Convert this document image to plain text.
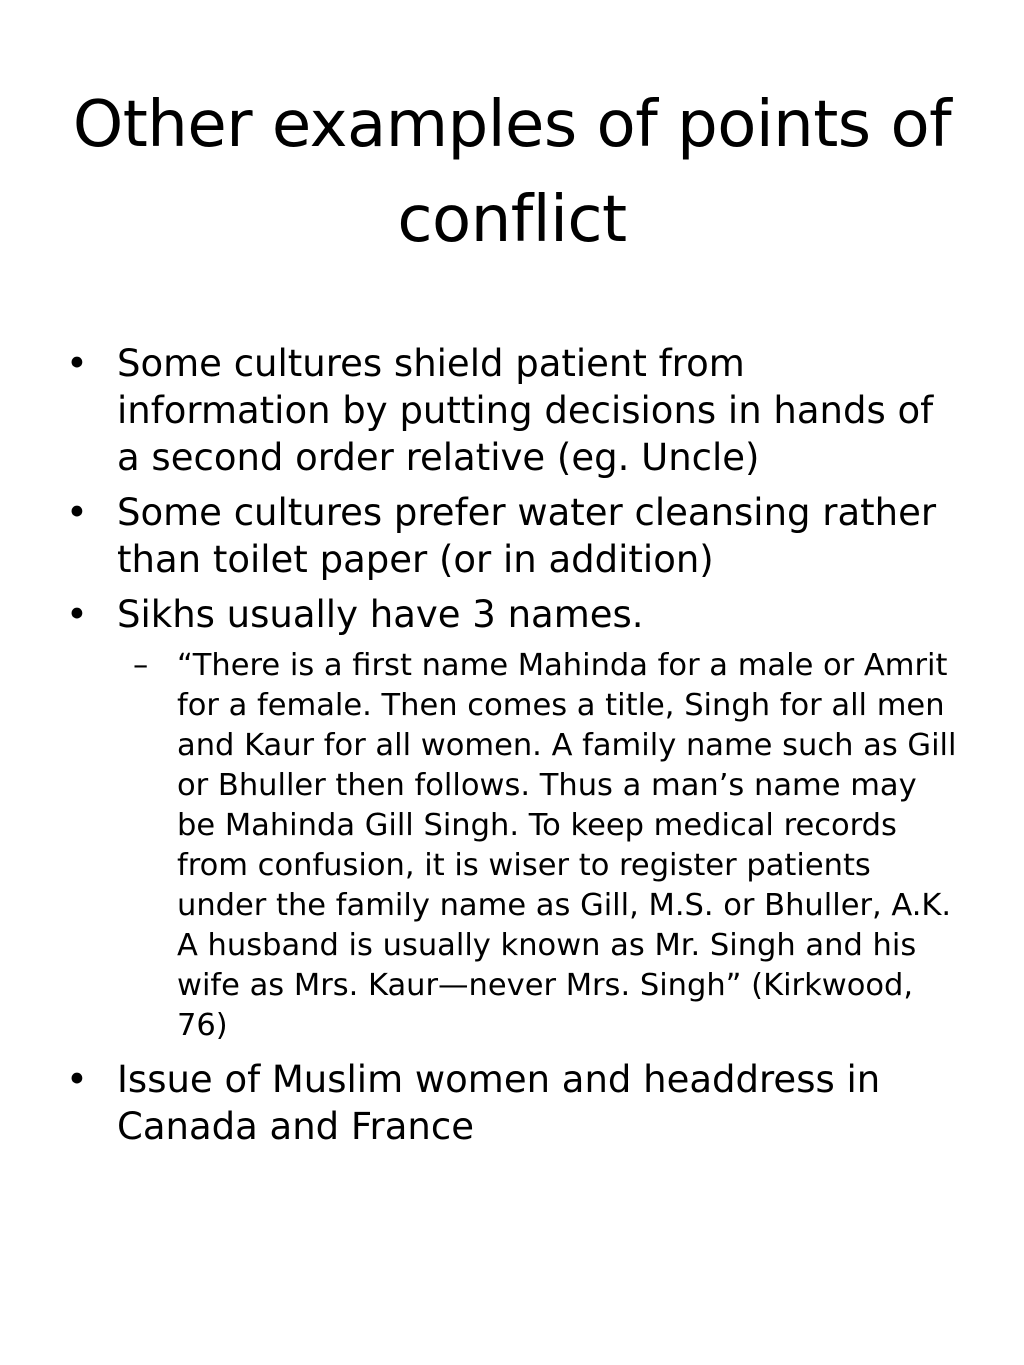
Other examples of points of conflict
• Some cultures shield patient from information by putting decisions in hands of a second order relative (eg. Uncle)
• Some cultures prefer water cleansing rather than toilet paper (or in addition)
• Sikhs usually have 3 names.
– “There is a first name Mahinda for a male or Amrit for a female. Then comes a title, Singh for all men and Kaur for all women. A family name such as Gill or Bhuller then follows. Thus a man’s name may be Mahinda Gill Singh. To keep medical records from confusion, it is wiser to register patients under the family name as Gill, M.S. or Bhuller, A.K. A husband is usually known as Mr. Singh and his wife as Mrs. Kaur—never Mrs. Singh” (Kirkwood, 76)
• Issue of Muslim women and headdress in Canada and France
